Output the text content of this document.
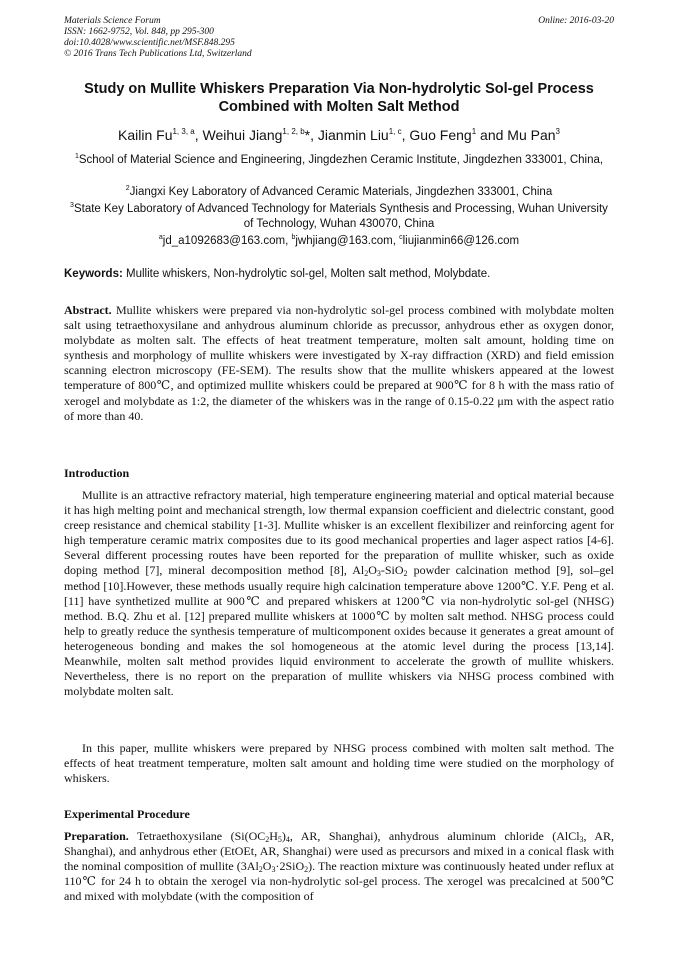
Materials Science Forum
ISSN: 1662-9752, Vol. 848, pp 295-300
doi:10.4028/www.scientific.net/MSF.848.295
© 2016 Trans Tech Publications Ltd, Switzerland
Online: 2016-03-20
Study on Mullite Whiskers Preparation Via Non-hydrolytic Sol-gel Process Combined with Molten Salt Method
Kailin Fu$^{1, 3, a}$, Weihui Jiang$^{1, 2, b}$*, Jianmin Liu$^{1, c}$, Guo Feng$^1$ and Mu Pan$^3$
$^1$School of Material Science and Engineering, Jingdezhen Ceramic Institute, Jingdezhen 333001, China,
$^2$Jiangxi Key Laboratory of Advanced Ceramic Materials, Jingdezhen 333001, China
$^3$State Key Laboratory of Advanced Technology for Materials Synthesis and Processing, Wuhan University of Technology, Wuhan 430070, China
$^a$jd_a1092683@163.com, $^b$jwhjiang@163.com, $^c$liujianmin66@126.com
Keywords: Mullite whiskers, Non-hydrolytic sol-gel, Molten salt method, Molybdate.
Abstract. Mullite whiskers were prepared via non-hydrolytic sol-gel process combined with molybdate molten salt using tetraethoxysilane and anhydrous aluminum chloride as precussor, anhydrous ether as oxygen donor, molybdate as molten salt. The effects of heat treatment temperature, molten salt amount, holding time on synthesis and morphology of mullite whiskers were investigated by X-ray diffraction (XRD) and field emission scanning electron microscopy (FE-SEM). The results show that the mullite whiskers appeared at the lowest temperature of 800℃, and optimized mullite whiskers could be prepared at 900℃ for 8 h with the mass ratio of xerogel and molybdate as 1:2, the diameter of the whiskers was in the range of 0.15-0.22 μm with the aspect ratio of more than 40.
Introduction
Mullite is an attractive refractory material, high temperature engineering material and optical material because it has high melting point and mechanical strength, low thermal expansion coefficient and dielectric constant, good creep resistance and chemical stability [1-3]. Mullite whisker is an excellent flexibilizer and reinforcing agent for high temperature ceramic matrix composites due to its good mechanical properties and lager aspect ratios [4-6]. Several different processing routes have been reported for the preparation of mullite whisker, such as oxide doping method [7], mineral decomposition method [8], $Al_2O_3-SiO_2$ powder calcination method [9], sol–gel method [10].However, these methods usually require high calcination temperature above 1200℃. Y.F. Peng et al. [11] have synthetized mullite at 900℃ and prepared whiskers at 1200℃ via non-hydrolytic sol-gel (NHSG) method. B.Q. Zhu et al. [12] prepared mullite whiskers at 1000℃ by molten salt method. NHSG process could help to greatly reduce the synthesis temperature of multicomponent oxides because it generates a great amount of heterogeneous bonding and makes the sol homogeneous at the atomic level during the process [13,14]. Meanwhile, molten salt method provides liquid environment to accelerate the growth of mullite whiskers. Nevertheless, there is no report on the preparation of mullite whiskers via NHSG process combined with molybdate molten salt.
In this paper, mullite whiskers were prepared by NHSG process combined with molten salt method. The effects of heat treatment temperature, molten salt amount and holding time were studied on the morphology of whiskers.
Experimental Procedure
Preparation. Tetraethoxysilane ($Si(OC_2H_5)_4$, AR, Shanghai), anhydrous aluminum chloride (AlCl$_3$, AR, Shanghai), and anhydrous ether (EtOEt, AR, Shanghai) were used as precursors and mixed in a conical flask with the nominal composition of mullite $(3Al_2O_3\cdot 2SiO_2)$. The reaction mixture was continuously heated under reflux at 110℃ for 24 h to obtain the xerogel via non-hydrolytic sol-gel process. The xerogel was precalcined at 500℃ and mixed with molybdate (with the composition of
